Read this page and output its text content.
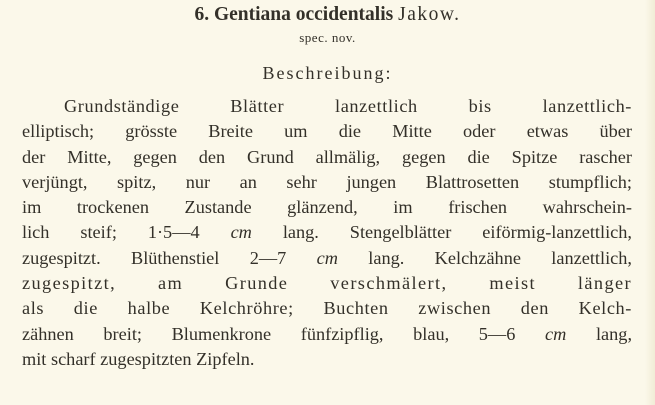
6. Gentiana occidentalis Jakow.
spec. nov.
Beschreibung:
Grundständige Blätter lanzettlich bis lanzettlich-
elliptisch; grösste Breite um die Mitte oder etwas über
der Mitte, gegen den Grund allmälig, gegen die Spitze rascher
verjüngt, spitz, nur an sehr jungen Blattrosetten stumpflich;
im trockenen Zustande glänzend, im frischen wahrschein-
lich steif; 1·5—4 cm lang. Stengelblätter eiförmig-lanzettlich,
zugespitzt. Blüthenstiel 2—7 cm lang. Kelchzähne lanzettlich,
zugespitzt, am Grunde verschmälert, meist länger
als die halbe Kelchröhre; Buchten zwischen den Kelch-
zähnen breit; Blumenkrone fünfzipflig, blau, 5—6 cm lang,
mit scharf zugespitzten Zipfeln.
